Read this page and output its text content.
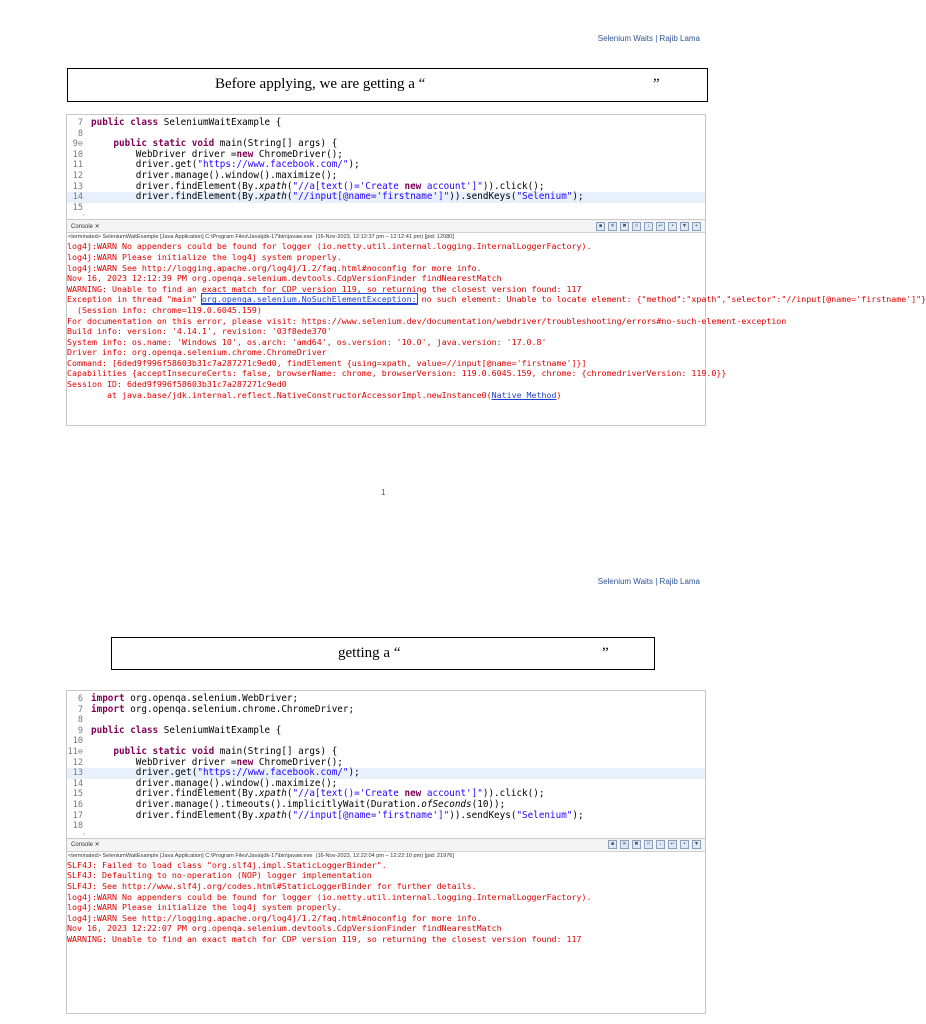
Selenium Waits | Rajib Lama
Before applying, we are getting a “	”
7 public class SeleniumWaitExample {
8

9⊖	public static void main(String[] args) {
10 WebDriver driver =new ChromeDriver();
11 driver.get("https://www.facebook.com/");
12 driver.manage().window().maximize();
13 driver.findElement(By.xpath("//a[text()='Create new account']")).click();
14 driver.findElement(By.xpath("//input[@name='firstname']")).sendKeys("Selenium");
15

‹
Console ✕	■	✕	✖	□	↓	↩	•	▼	+
<terminated> SeleniumWaitExample [Java Application] C:\Program Files\Java\jdk-17\bin\javaw.exe  (16-Nov-2023, 12:12:37 pm – 12:12:41 pm) [pid: 12080]
log4j:WARN No appenders could be found for logger (io.netty.util.internal.logging.InternalLoggerFactory).
log4j:WARN Please initialize the log4j system properly.
log4j:WARN See http://logging.apache.org/log4j/1.2/faq.html#noconfig for more info.
Nov 16, 2023 12:12:39 PM org.openqa.selenium.devtools.CdpVersionFinder findNearestMatch
WARNING: Unable to find an exact match for CDP version 119, so returning the closest version found: 117
Exception in thread "main" org.openqa.selenium.NoSuchElementException: no such element: Unable to locate element: {"method":"xpath","selector":"//input[@name='firstname']"}
(Session info: chrome=119.0.6045.159)
For documentation on this error, please visit: https://www.selenium.dev/documentation/webdriver/troubleshooting/errors#no-such-element-exception
Build info: version: '4.14.1', revision: '03f8ede370'
System info: os.name: 'Windows 10', os.arch: 'amd64', os.version: '10.0', java.version: '17.0.8'
Driver info: org.openqa.selenium.chrome.ChromeDriver
Command: [6ded9f996f58603b31c7a287271c9ed0, findElement {using=xpath, value=//input[@name='firstname']}]
Capabilities {acceptInsecureCerts: false, browserName: chrome, browserVersion: 119.0.6045.159, chrome: {chromedriverVersion: 119.0}}
Session ID: 6ded9f996f58603b31c7a287271c9ed0
at java.base/jdk.internal.reflect.NativeConstructorAccessorImpl.newInstance0(Native Method)
1
Selenium Waits | Rajib Lama
getting a “	”
6 import org.openqa.selenium.WebDriver;
7 import org.openqa.selenium.chrome.ChromeDriver;
8

9 public class SeleniumWaitExample {
10

11⊖	public static void main(String[] args) {
12 WebDriver driver =new ChromeDriver();
13 driver.get("https://www.facebook.com/");
14 driver.manage().window().maximize();
15 driver.findElement(By.xpath("//a[text()='Create new account']")).click();
16 driver.manage().timeouts().implicitlyWait(Duration.ofSeconds(10));
17 driver.findElement(By.xpath("//input[@name='firstname']")).sendKeys("Selenium");
18

‹
Console ✕	■	✕	✖	□	↓	↩	•	▼
<terminated> SeleniumWaitExample [Java Application] C:\Program Files\Java\jdk-17\bin\javaw.exe  (16-Nov-2023, 12:22:04 pm – 12:22:10 pm) [pid: 21976]
SLF4J: Failed to load class "org.slf4j.impl.StaticLoggerBinder".
SLF4J: Defaulting to no-operation (NOP) logger implementation
SLF4J: See http://www.slf4j.org/codes.html#StaticLoggerBinder for further details.
log4j:WARN No appenders could be found for logger (io.netty.util.internal.logging.InternalLoggerFactory).
log4j:WARN Please initialize the log4j system properly.
log4j:WARN See http://logging.apache.org/log4j/1.2/faq.html#noconfig for more info.
Nov 16, 2023 12:22:07 PM org.openqa.selenium.devtools.CdpVersionFinder findNearestMatch
WARNING: Unable to find an exact match for CDP version 119, so returning the closest version found: 117
